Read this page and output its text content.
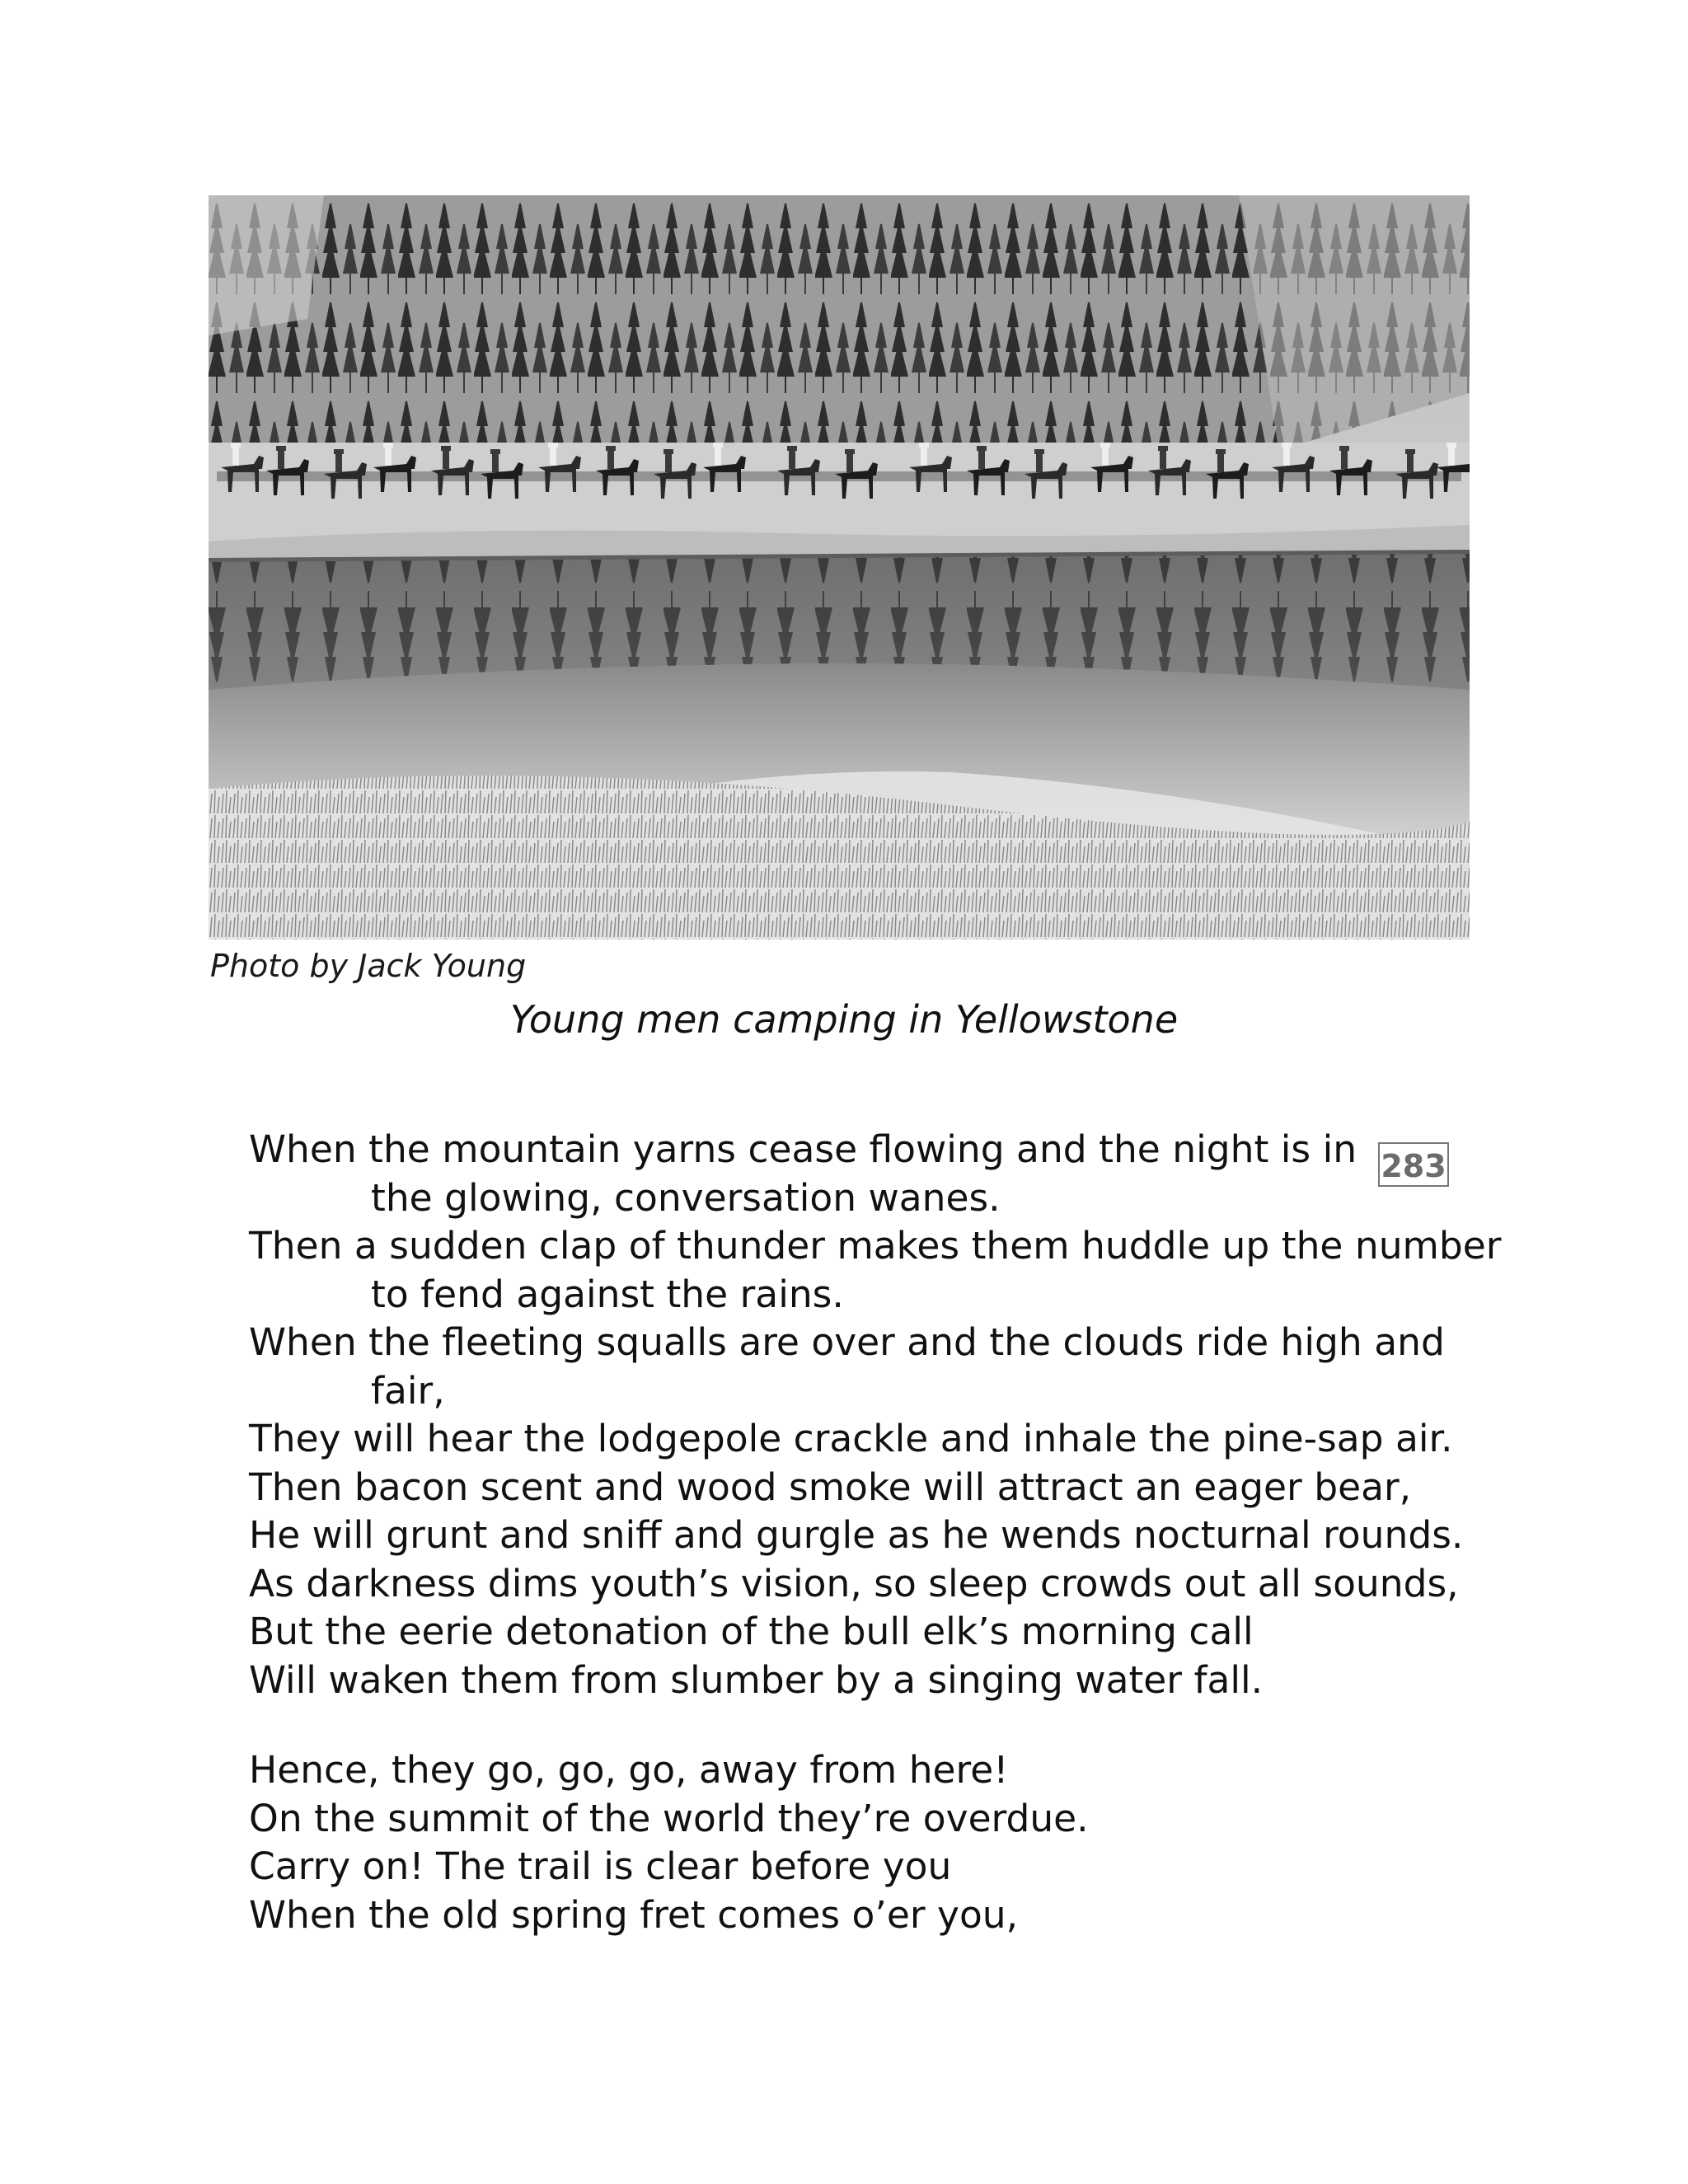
Photo by Jack Young
Young men camping in Yellowstone
283
When the mountain yarns cease flowing and the night is in
the glowing, conversation wanes.
Then a sudden clap of thunder makes them huddle up the number
to fend against the rains.
When the fleeting squalls are over and the clouds ride high and
fair,
They will hear the lodgepole crackle and inhale the pine-sap air.
Then bacon scent and wood smoke will attract an eager bear,
He will grunt and sniff and gurgle as he wends nocturnal rounds.
As darkness dims youth’s vision, so sleep crowds out all sounds,
But the eerie detonation of the bull elk’s morning call
Will waken them from slumber by a singing water fall.
Hence, they go, go, go, away from here!
On the summit of the world they’re overdue.
Carry on! The trail is clear before you
When the old spring fret comes o’er you,
